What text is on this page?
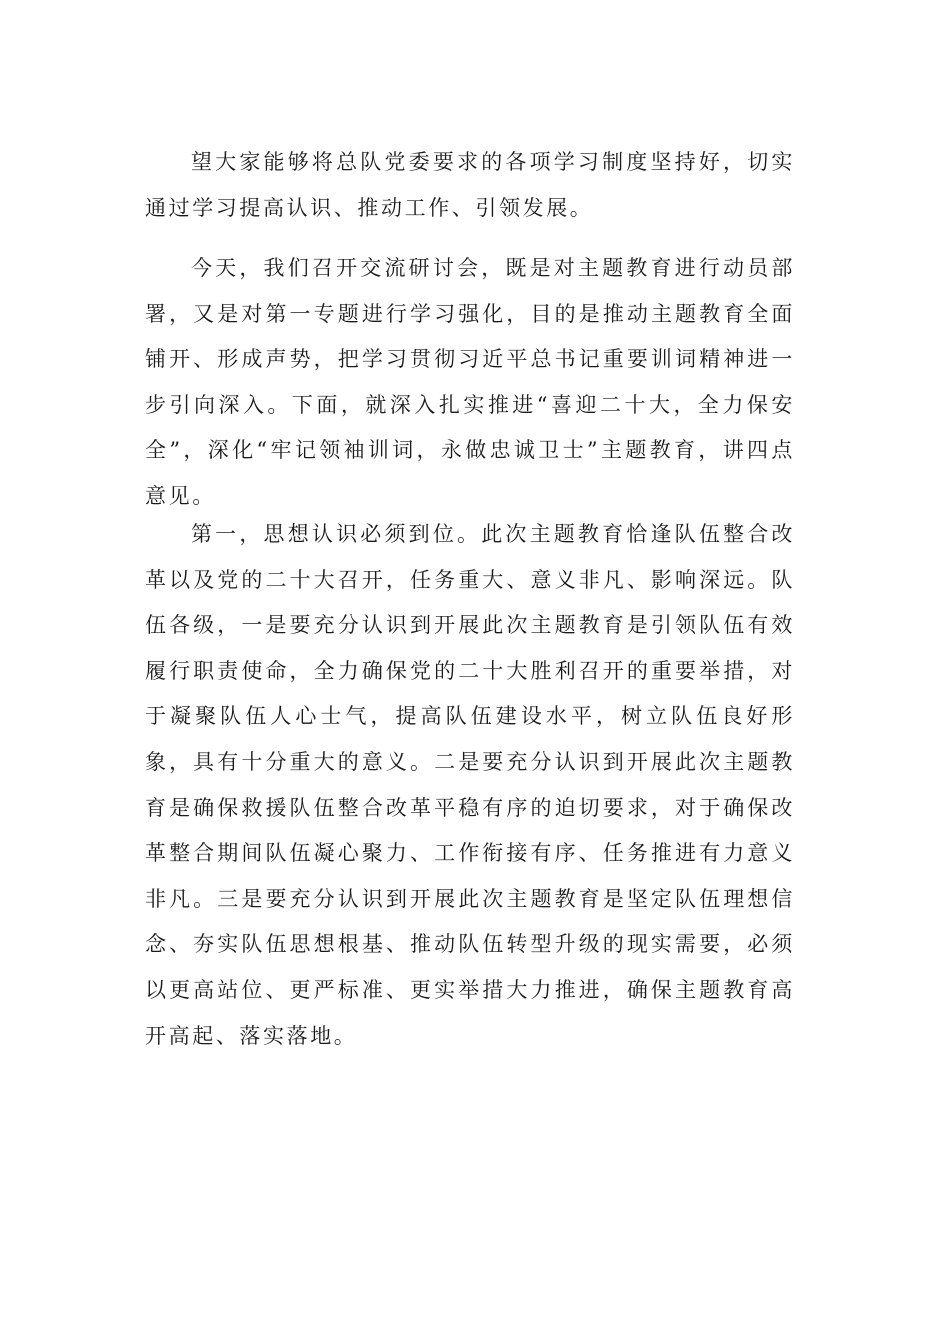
望大家能够将总队党委要求的各项学习制度坚持好，切实通过学习提高认识、推动工作、引领发展。

今天，我们召开交流研讨会，既是对主题教育进行动员部署，又是对第一专题进行学习强化，目的是推动主题教育全面铺开、形成声势，把学习贯彻习近平总书记重要训词精神进一步引向深入。下面，就深入扎实推进“喜迎二十大，全力保安全”，深化“牢记领袖训词，永做忠诚卫士”主题教育，讲四点意见。

第一，思想认识必须到位。此次主题教育恰逢队伍整合改革以及党的二十大召开，任务重大、意义非凡、影响深远。队伍各级，一是要充分认识到开展此次主题教育是引领队伍有效履行职责使命，全力确保党的二十大胜利召开的重要举措，对于凝聚队伍人心士气，提高队伍建设水平，树立队伍良好形象，具有十分重大的意义。二是要充分认识到开展此次主题教育是确保救援队伍整合改革平稳有序的迫切要求，对于确保改革整合期间队伍凝心聚力、工作衔接有序、任务推进有力意义非凡。三是要充分认识到开展此次主题教育是坚定队伍理想信念、夯实队伍思想根基、推动队伍转型升级的现实需要，必须以更高站位、更严标准、更实举措大力推进，确保主题教育高开高起、落实落地。
